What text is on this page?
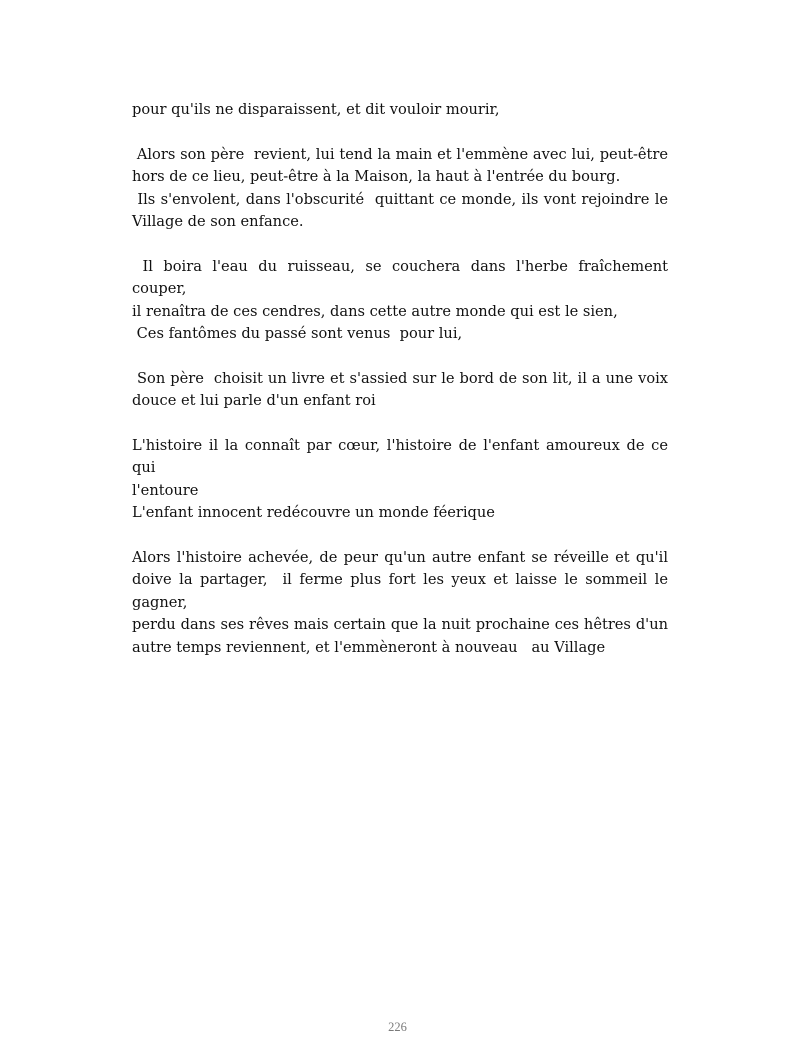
pour qu'ils ne disparaissent, et dit vouloir mourir,
Alors son père  revient, lui tend la main et l'emmène avec lui, peut-être
hors de ce lieu, peut-être à la Maison, la haut à l'entrée du bourg.
Ils s'envolent, dans l'obscurité  quittant ce monde, ils vont rejoindre le
Village de son enfance.
Il boira l'eau du ruisseau, se couchera dans l'herbe fraîchement couper,
il renaîtra de ces cendres, dans cette autre monde qui est le sien,
Ces fantômes du passé sont venus  pour lui,
Son père  choisit un livre et s'assied sur le bord de son lit, il a une voix
douce et lui parle d'un enfant roi
L'histoire il la connaît par cœur, l'histoire de l'enfant amoureux de ce qui
l'entoure
L'enfant innocent redécouvre un monde féerique
Alors l'histoire achevée, de peur qu'un autre enfant se réveille et qu'il
doive la partager,  il ferme plus fort les yeux et laisse le sommeil le gagner,
perdu dans ses rêves mais certain que la nuit prochaine ces hêtres d'un
autre temps reviennent, et l'emmèneront à nouveau   au Village
226
